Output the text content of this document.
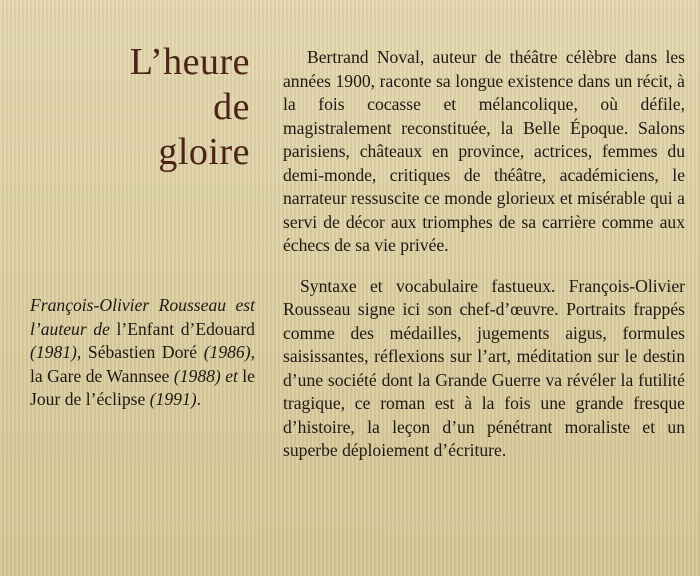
L’heure
de
gloire
François-Olivier Rousseau est l’auteur de l’Enfant d’Edouard (1981), Sébastien Doré (1986), la Gare de Wannsee (1988) et le Jour de l’éclipse (1991).

Bertrand Noval, auteur de théâtre célèbre dans les années 1900, raconte sa longue existence dans un récit, à la fois cocasse et mélancolique, où défile, magistralement reconstituée, la Belle Époque. Salons parisiens, châteaux en province, actrices, femmes du demi-monde, critiques de théâtre, académiciens, le narrateur ressuscite ce monde glorieux et misérable qui a servi de décor aux triomphes de sa carrière comme aux échecs de sa vie privée.

Syntaxe et vocabulaire fastueux. François-Olivier Rousseau signe ici son chef-d’œuvre. Portraits frappés comme des médailles, jugements aigus, formules saisissantes, réflexions sur l’art, méditation sur le destin d’une société dont la Grande Guerre va révéler la futilité tragique, ce roman est à la fois une grande fresque d’histoire, la leçon d’un pénétrant moraliste et un superbe déploiement d’écriture.
